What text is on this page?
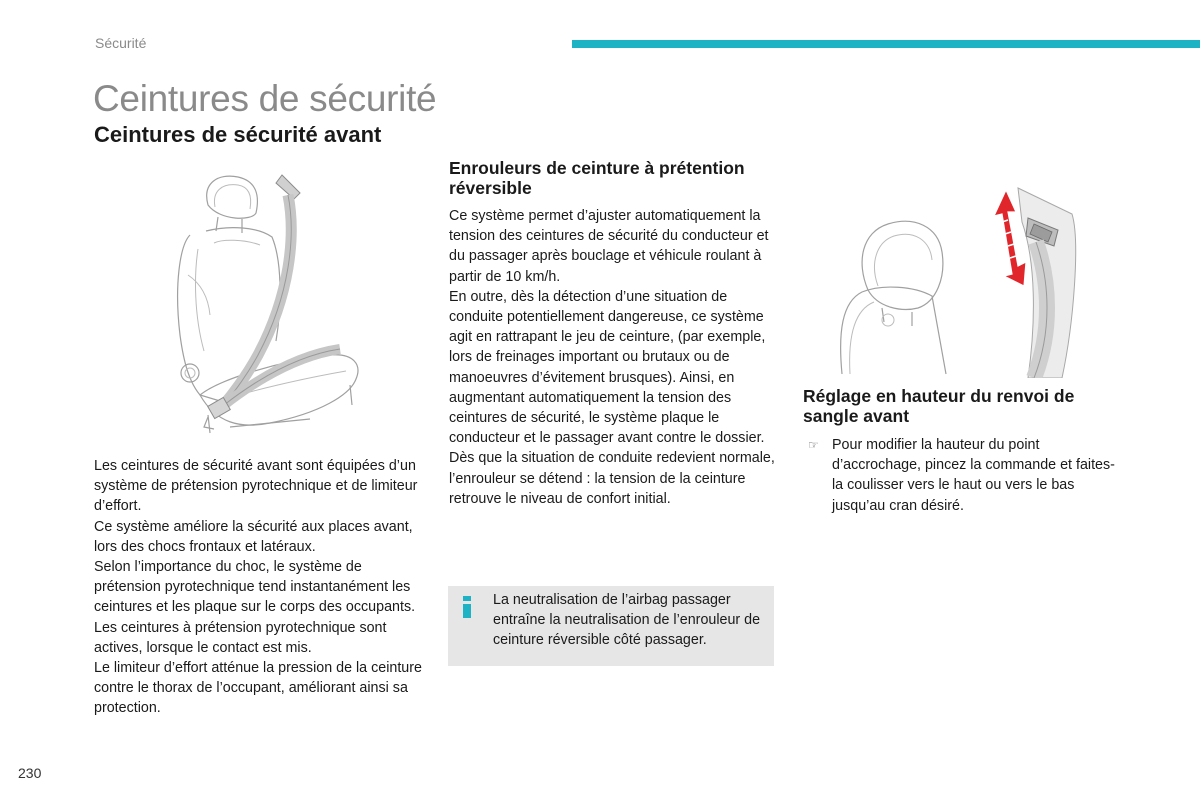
Sécurité
Ceintures de sécurité
Ceintures de sécurité avant

Les ceintures de sécurité avant sont équipées d’un système de prétension pyrotechnique et de limiteur d’effort.

Ce système améliore la sécurité aux places avant, lors des chocs frontaux et latéraux.

Selon l’importance du choc, le système de prétension pyrotechnique tend instantanément les ceintures et les plaque sur le corps des occupants.

Les ceintures à prétension pyrotechnique sont actives, lorsque le contact est mis.

Le limiteur d’effort atténue la pression de la ceinture contre le thorax de l’occupant, améliorant ainsi sa protection.

Enrouleurs de ceinture à prétention réversible

Ce système permet d’ajuster automatiquement la tension des ceintures de sécurité du conducteur et du passager après bouclage et véhicule roulant à partir de 10 km/h.

En outre, dès la détection d’une situation de conduite potentiellement dangereuse, ce système agit en rattrapant le jeu de ceinture, (par exemple, lors de freinages important ou brutaux ou de manoeuvres d’évitement brusques). Ainsi, en augmentant automatiquement la tension des ceintures de sécurité, le système plaque le conducteur et le passager avant contre le dossier.

Dès que la situation de conduite redevient normale, l’enrouleur se détend : la tension de la ceinture retrouve le niveau de confort initial.

La neutralisation de l’airbag passager entraîne la neutralisation de l’enrouleur de ceinture réversible côté passager.
Réglage en hauteur du renvoi de sangle avant
☞ Pour modifier la hauteur du point d’accrochage, pincez la commande et faites-la coulisser vers le haut ou vers le bas jusqu’au cran désiré.
230
